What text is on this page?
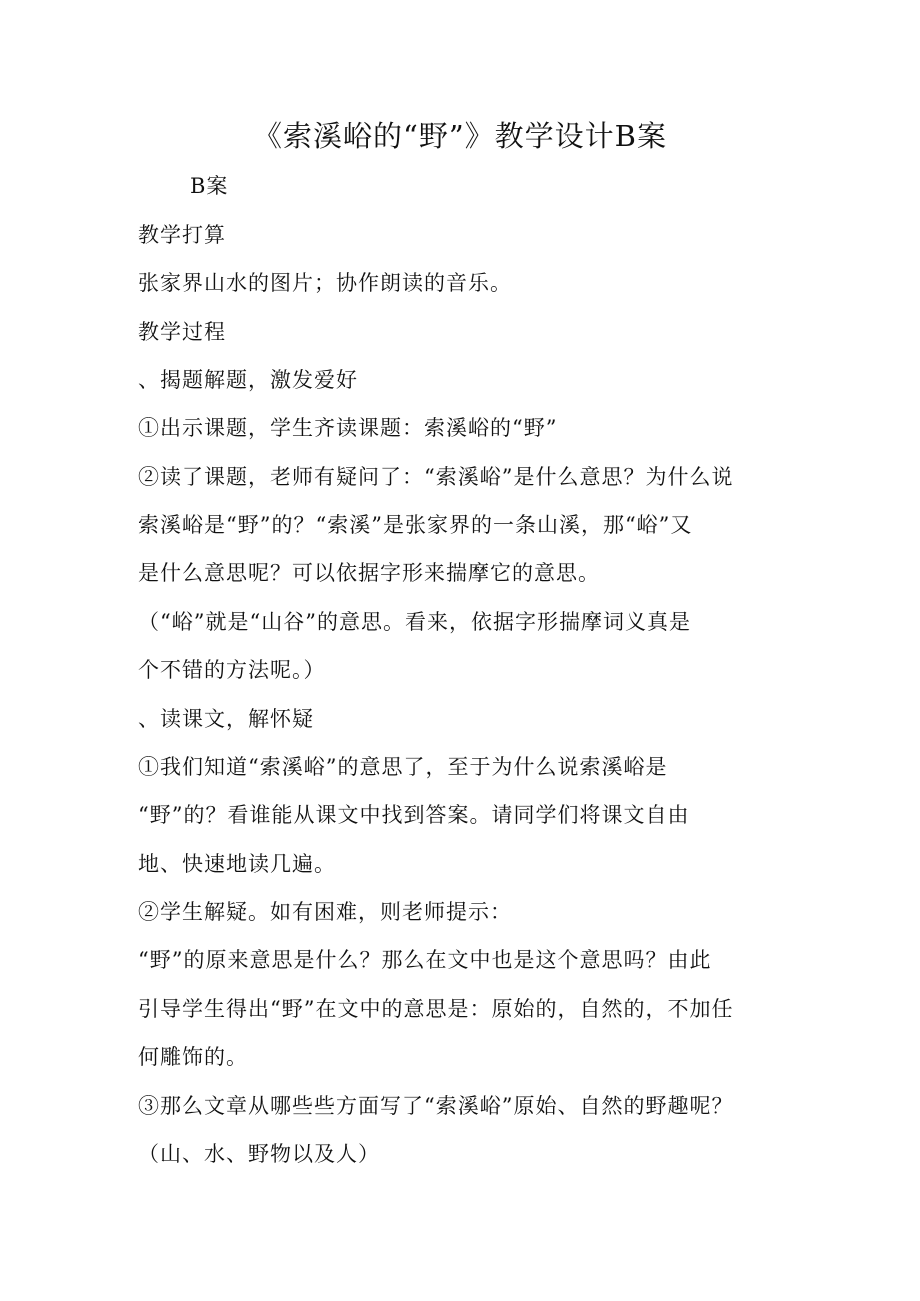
《索溪峪的“野”》教学设计B案
B案
教学打算
张家界山水的图片；协作朗读的音乐。
教学过程
、揭题解题，激发爱好
①出示课题，学生齐读课题：索溪峪的“野”
②读了课题，老师有疑问了：“索溪峪”是什么意思？为什么说
索溪峪是“野”的？“索溪”是张家界的一条山溪，那“峪”又
是什么意思呢？可以依据字形来揣摩它的意思。
（“峪”就是“山谷”的意思。看来，依据字形揣摩词义真是
个不错的方法呢。）
、读课文，解怀疑
①我们知道“索溪峪”的意思了，至于为什么说索溪峪是
“野”的？看谁能从课文中找到答案。请同学们将课文自由
地、快速地读几遍。
②学生解疑。如有困难，则老师提示：
“野”的原来意思是什么？那么在文中也是这个意思吗？由此
引导学生得出“野”在文中的意思是：原始的，自然的，不加任
何雕饰的。
③那么文章从哪些些方面写了“索溪峪”原始、自然的野趣呢？
（山、水、野物以及人）
